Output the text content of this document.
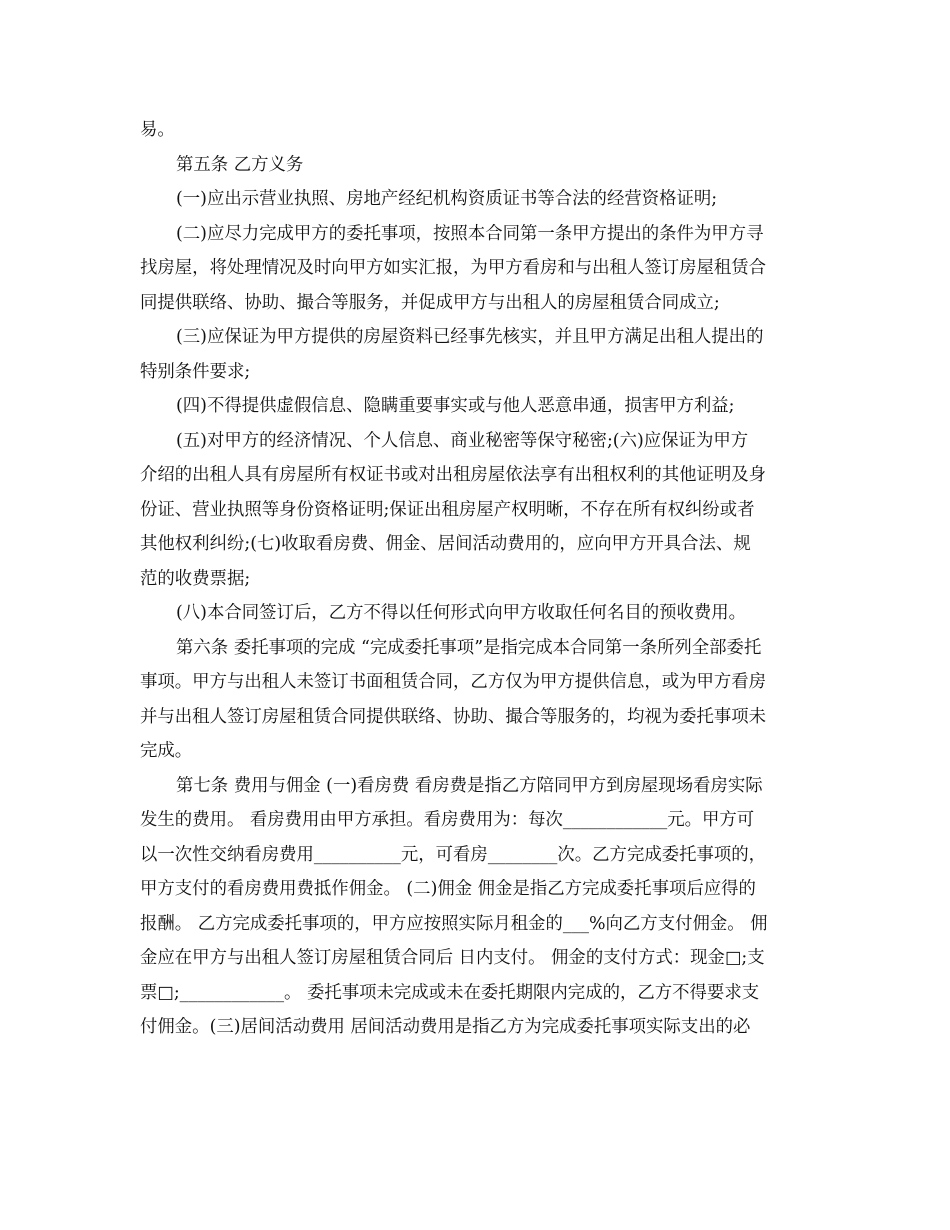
易。
第五条 乙方义务
(一)应出示营业执照、房地产经纪机构资质证书等合法的经营资格证明;
(二)应尽力完成甲方的委托事项，按照本合同第一条甲方提出的条件为甲方寻
找房屋，将处理情况及时向甲方如实汇报，为甲方看房和与出租人签订房屋租赁合
同提供联络、协助、撮合等服务，并促成甲方与出租人的房屋租赁合同成立;
(三)应保证为甲方提供的房屋资料已经事先核实，并且甲方满足出租人提出的
特别条件要求;
(四)不得提供虚假信息、隐瞒重要事实或与他人恶意串通，损害甲方利益;
(五)对甲方的经济情况、个人信息、商业秘密等保守秘密;(六)应保证为甲方
介绍的出租人具有房屋所有权证书或对出租房屋依法享有出租权利的其他证明及身
份证、营业执照等身份资格证明;保证出租房屋产权明晰，不存在所有权纠纷或者
其他权利纠纷;(七)收取看房费、佣金、居间活动费用的，应向甲方开具合法、规
范的收费票据;
(八)本合同签订后，乙方不得以任何形式向甲方收取任何名目的预收费用。
第六条 委托事项的完成 “完成委托事项”是指完成本合同第一条所列全部委托
事项。甲方与出租人未签订书面租赁合同，乙方仅为甲方提供信息，或为甲方看房
并与出租人签订房屋租赁合同提供联络、协助、撮合等服务的，均视为委托事项未
完成。
第七条 费用与佣金 (一)看房费 看房费是指乙方陪同甲方到房屋现场看房实际
发生的费用。 看房费用由甲方承担。看房费用为：每次____________元。甲方可
以一次性交纳看房费用__________元，可看房________次。乙方完成委托事项的，
甲方支付的看房费用费抵作佣金。 (二)佣金 佣金是指乙方完成委托事项后应得的
报酬。 乙方完成委托事项的，甲方应按照实际月租金的___%向乙方支付佣金。 佣
金应在甲方与出租人签订房屋租赁合同后 日内支付。 佣金的支付方式：现金□;支
票□;____________。 委托事项未完成或未在委托期限内完成的，乙方不得要求支
付佣金。(三)居间活动费用 居间活动费用是指乙方为完成委托事项实际支出的必
